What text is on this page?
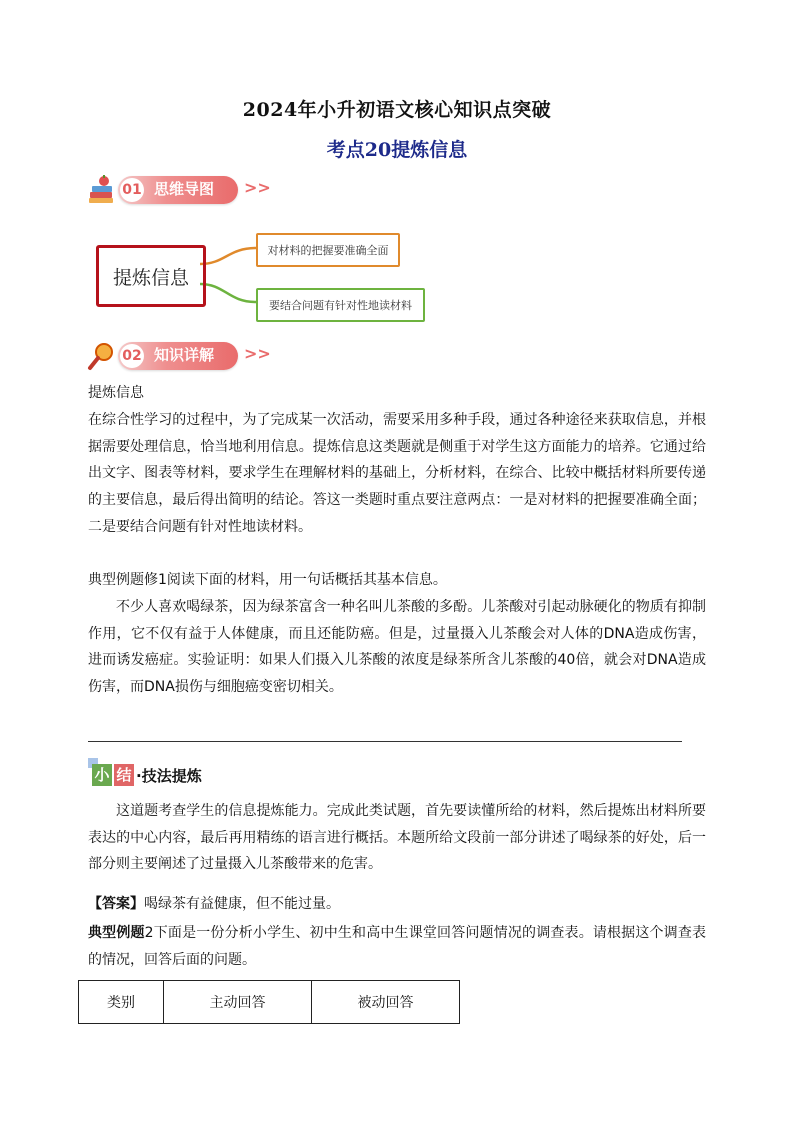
2024年小升初语文核心知识点突破
考点20提炼信息
01 思维导图 >>
提炼信息
对材料的把握要准确全面
要结合问题有针对性地读材料
02 知识详解 >>
提炼信息
在综合性学习的过程中，为了完成某一次活动，需要采用多种手段，通过各种途径来获取信息，并根据需要处理信息，恰当地利用信息。提炼信息这类题就是侧重于对学生这方面能力的培养。它通过给出文字、图表等材料，要求学生在理解材料的基础上，分析材料，在综合、比较中概括材料所要传递的主要信息，最后得出简明的结论。答这一类题时重点要注意两点：一是对材料的把握要准确全面；二是要结合问题有针对性地读材料。
典型例题修1阅读下面的材料，用一句话概括其基本信息。
不少人喜欢喝绿茶，因为绿茶富含一种名叫儿茶酸的多酚。儿茶酸对引起动脉硬化的物质有抑制作用，它不仅有益于人体健康，而且还能防癌。但是，过量摄入儿茶酸会对人体的DNA造成伤害，进而诱发癌症。实验证明：如果人们摄入儿茶酸的浓度是绿茶所含儿茶酸的40倍，就会对DNA造成伤害，而DNA损伤与细胞癌变密切相关。
小 结 ·技法提炼
这道题考查学生的信息提炼能力。完成此类试题，首先要读懂所给的材料，然后提炼出材料所要表达的中心内容，最后再用精练的语言进行概括。本题所给文段前一部分讲述了喝绿茶的好处，后一部分则主要阐述了过量摄入儿茶酸带来的危害。
【答案】喝绿茶有益健康，但不能过量。
典型例题2下面是一份分析小学生、初中生和高中生课堂回答问题情况的调查表。请根据这个调查表的情况，回答后面的问题。
类别	主动回答	被动回答
